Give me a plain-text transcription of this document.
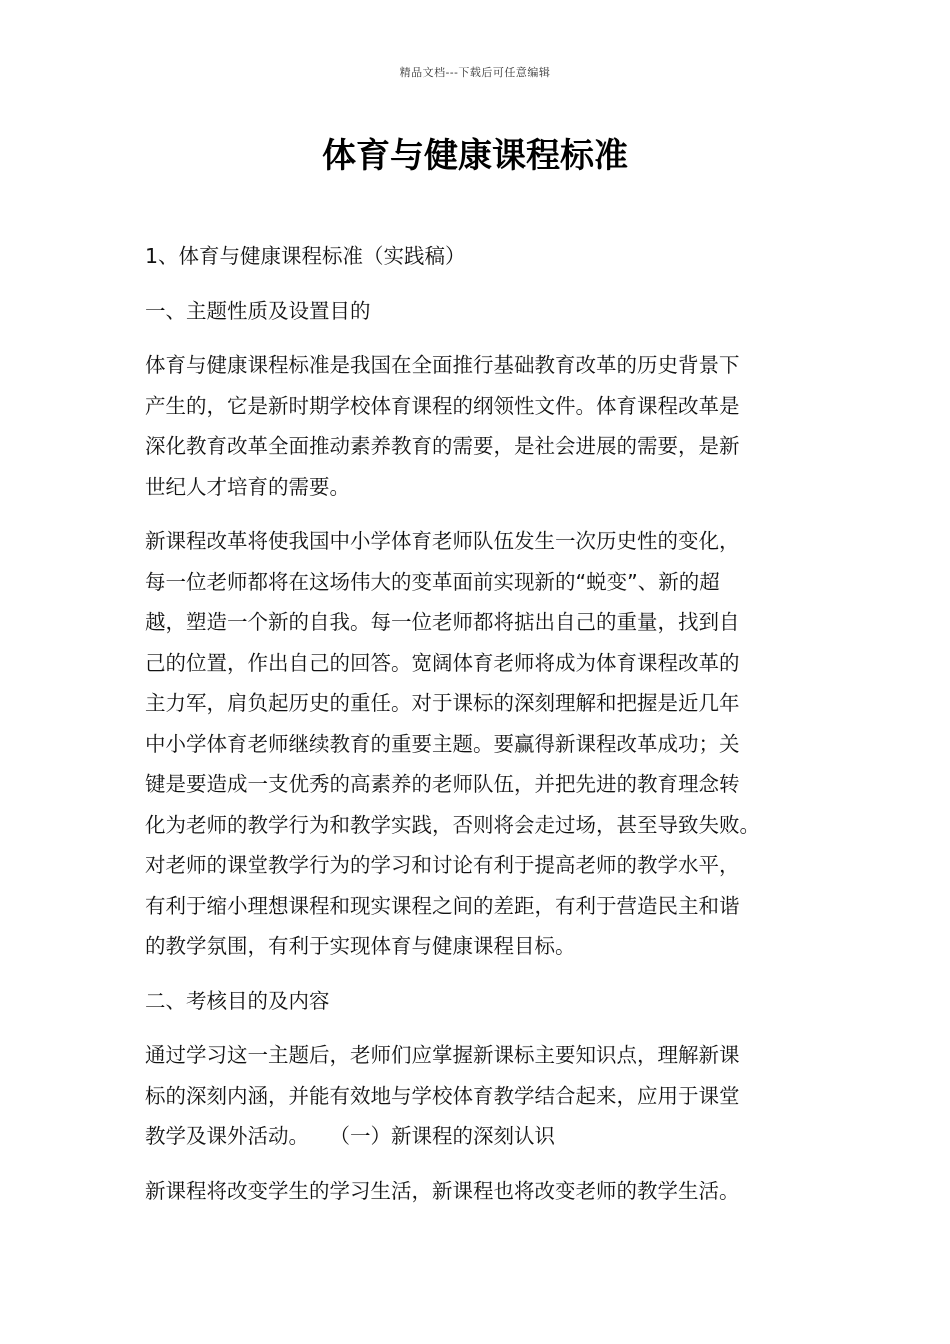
精品文档---下载后可任意编辑
体育与健康课程标准
1、体育与健康课程标准（实践稿）
一、主题性质及设置目的
体育与健康课程标准是我国在全面推行基础教育改革的历史背景下
产生的，它是新时期学校体育课程的纲领性文件。体育课程改革是
深化教育改革全面推动素养教育的需要，是社会进展的需要，是新
世纪人才培育的需要。
新课程改革将使我国中小学体育老师队伍发生一次历史性的变化，
每一位老师都将在这场伟大的变革面前实现新的“蜕变”、新的超
越，塑造一个新的自我。每一位老师都将掂出自己的重量，找到自
己的位置，作出自己的回答。宽阔体育老师将成为体育课程改革的
主力军，肩负起历史的重任。对于课标的深刻理解和把握是近几年
中小学体育老师继续教育的重要主题。要赢得新课程改革成功；关
键是要造成一支优秀的高素养的老师队伍，并把先进的教育理念转
化为老师的教学行为和教学实践，否则将会走过场，甚至导致失败。
对老师的课堂教学行为的学习和讨论有利于提高老师的教学水平，
有利于缩小理想课程和现实课程之间的差距，有利于营造民主和谐
的教学氛围，有利于实现体育与健康课程目标。
二、考核目的及内容
通过学习这一主题后，老师们应掌握新课标主要知识点，理解新课
标的深刻内涵，并能有效地与学校体育教学结合起来，应用于课堂
教学及课外活动。　　（一）新课程的深刻认识
新课程将改变学生的学习生活，新课程也将改变老师的教学生活。
